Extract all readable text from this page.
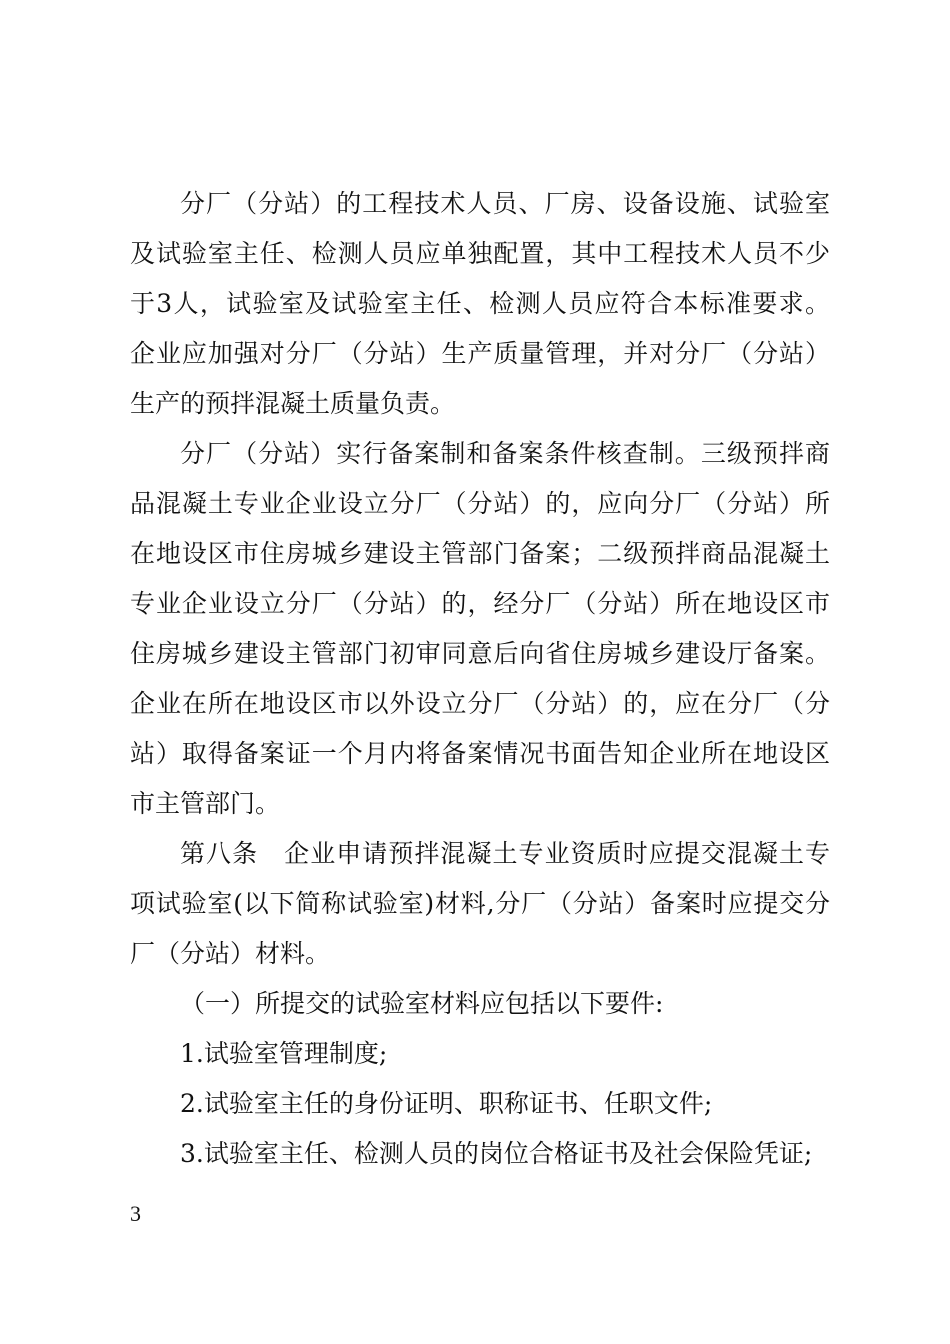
分厂（分站）的工程技术人员、厂房、设备设施、试验室
及试验室主任、检测人员应单独配置，其中工程技术人员不少
于3人，试验室及试验室主任、检测人员应符合本标准要求。
企业应加强对分厂（分站）生产质量管理，并对分厂（分站）
生产的预拌混凝土质量负责。
分厂（分站）实行备案制和备案条件核查制。三级预拌商
品混凝土专业企业设立分厂（分站）的，应向分厂（分站）所
在地设区市住房城乡建设主管部门备案；二级预拌商品混凝土
专业企业设立分厂（分站）的，经分厂（分站）所在地设区市
住房城乡建设主管部门初审同意后向省住房城乡建设厅备案。
企业在所在地设区市以外设立分厂（分站）的，应在分厂（分
站）取得备案证一个月内将备案情况书面告知企业所在地设区
市主管部门。
第八条　企业申请预拌混凝土专业资质时应提交混凝土专
项试验室(以下简称试验室)材料,分厂（分站）备案时应提交分
厂（分站）材料。
（一）所提交的试验室材料应包括以下要件:
1.试验室管理制度;
2.试验室主任的身份证明、职称证书、任职文件;
3.试验室主任、检测人员的岗位合格证书及社会保险凭证;
3
